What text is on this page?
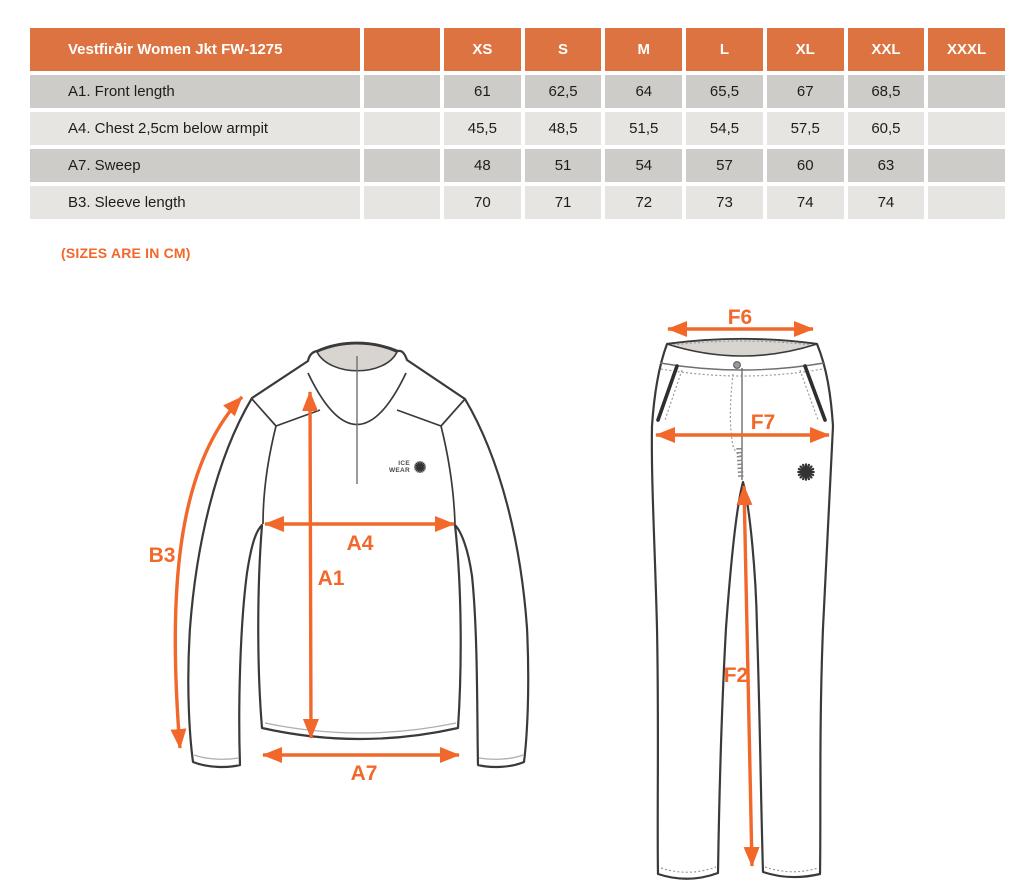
Vestfirðir Women Jkt FW-1275	XS	S	M	L	XL	XXL	XXXL
A1. Front length	61	62,5	64	65,5	67	68,5
A4. Chest 2,5cm below armpit	45,5	48,5	51,5	54,5	57,5	60,5
A7. Sweep	48	51	54	57	60	63
B3. Sleeve length	70	71	72	73	74	74
(SIZES ARE IN CM)
ICE
WEAR
A1
A4
A7
B3
F6
F7
F2
